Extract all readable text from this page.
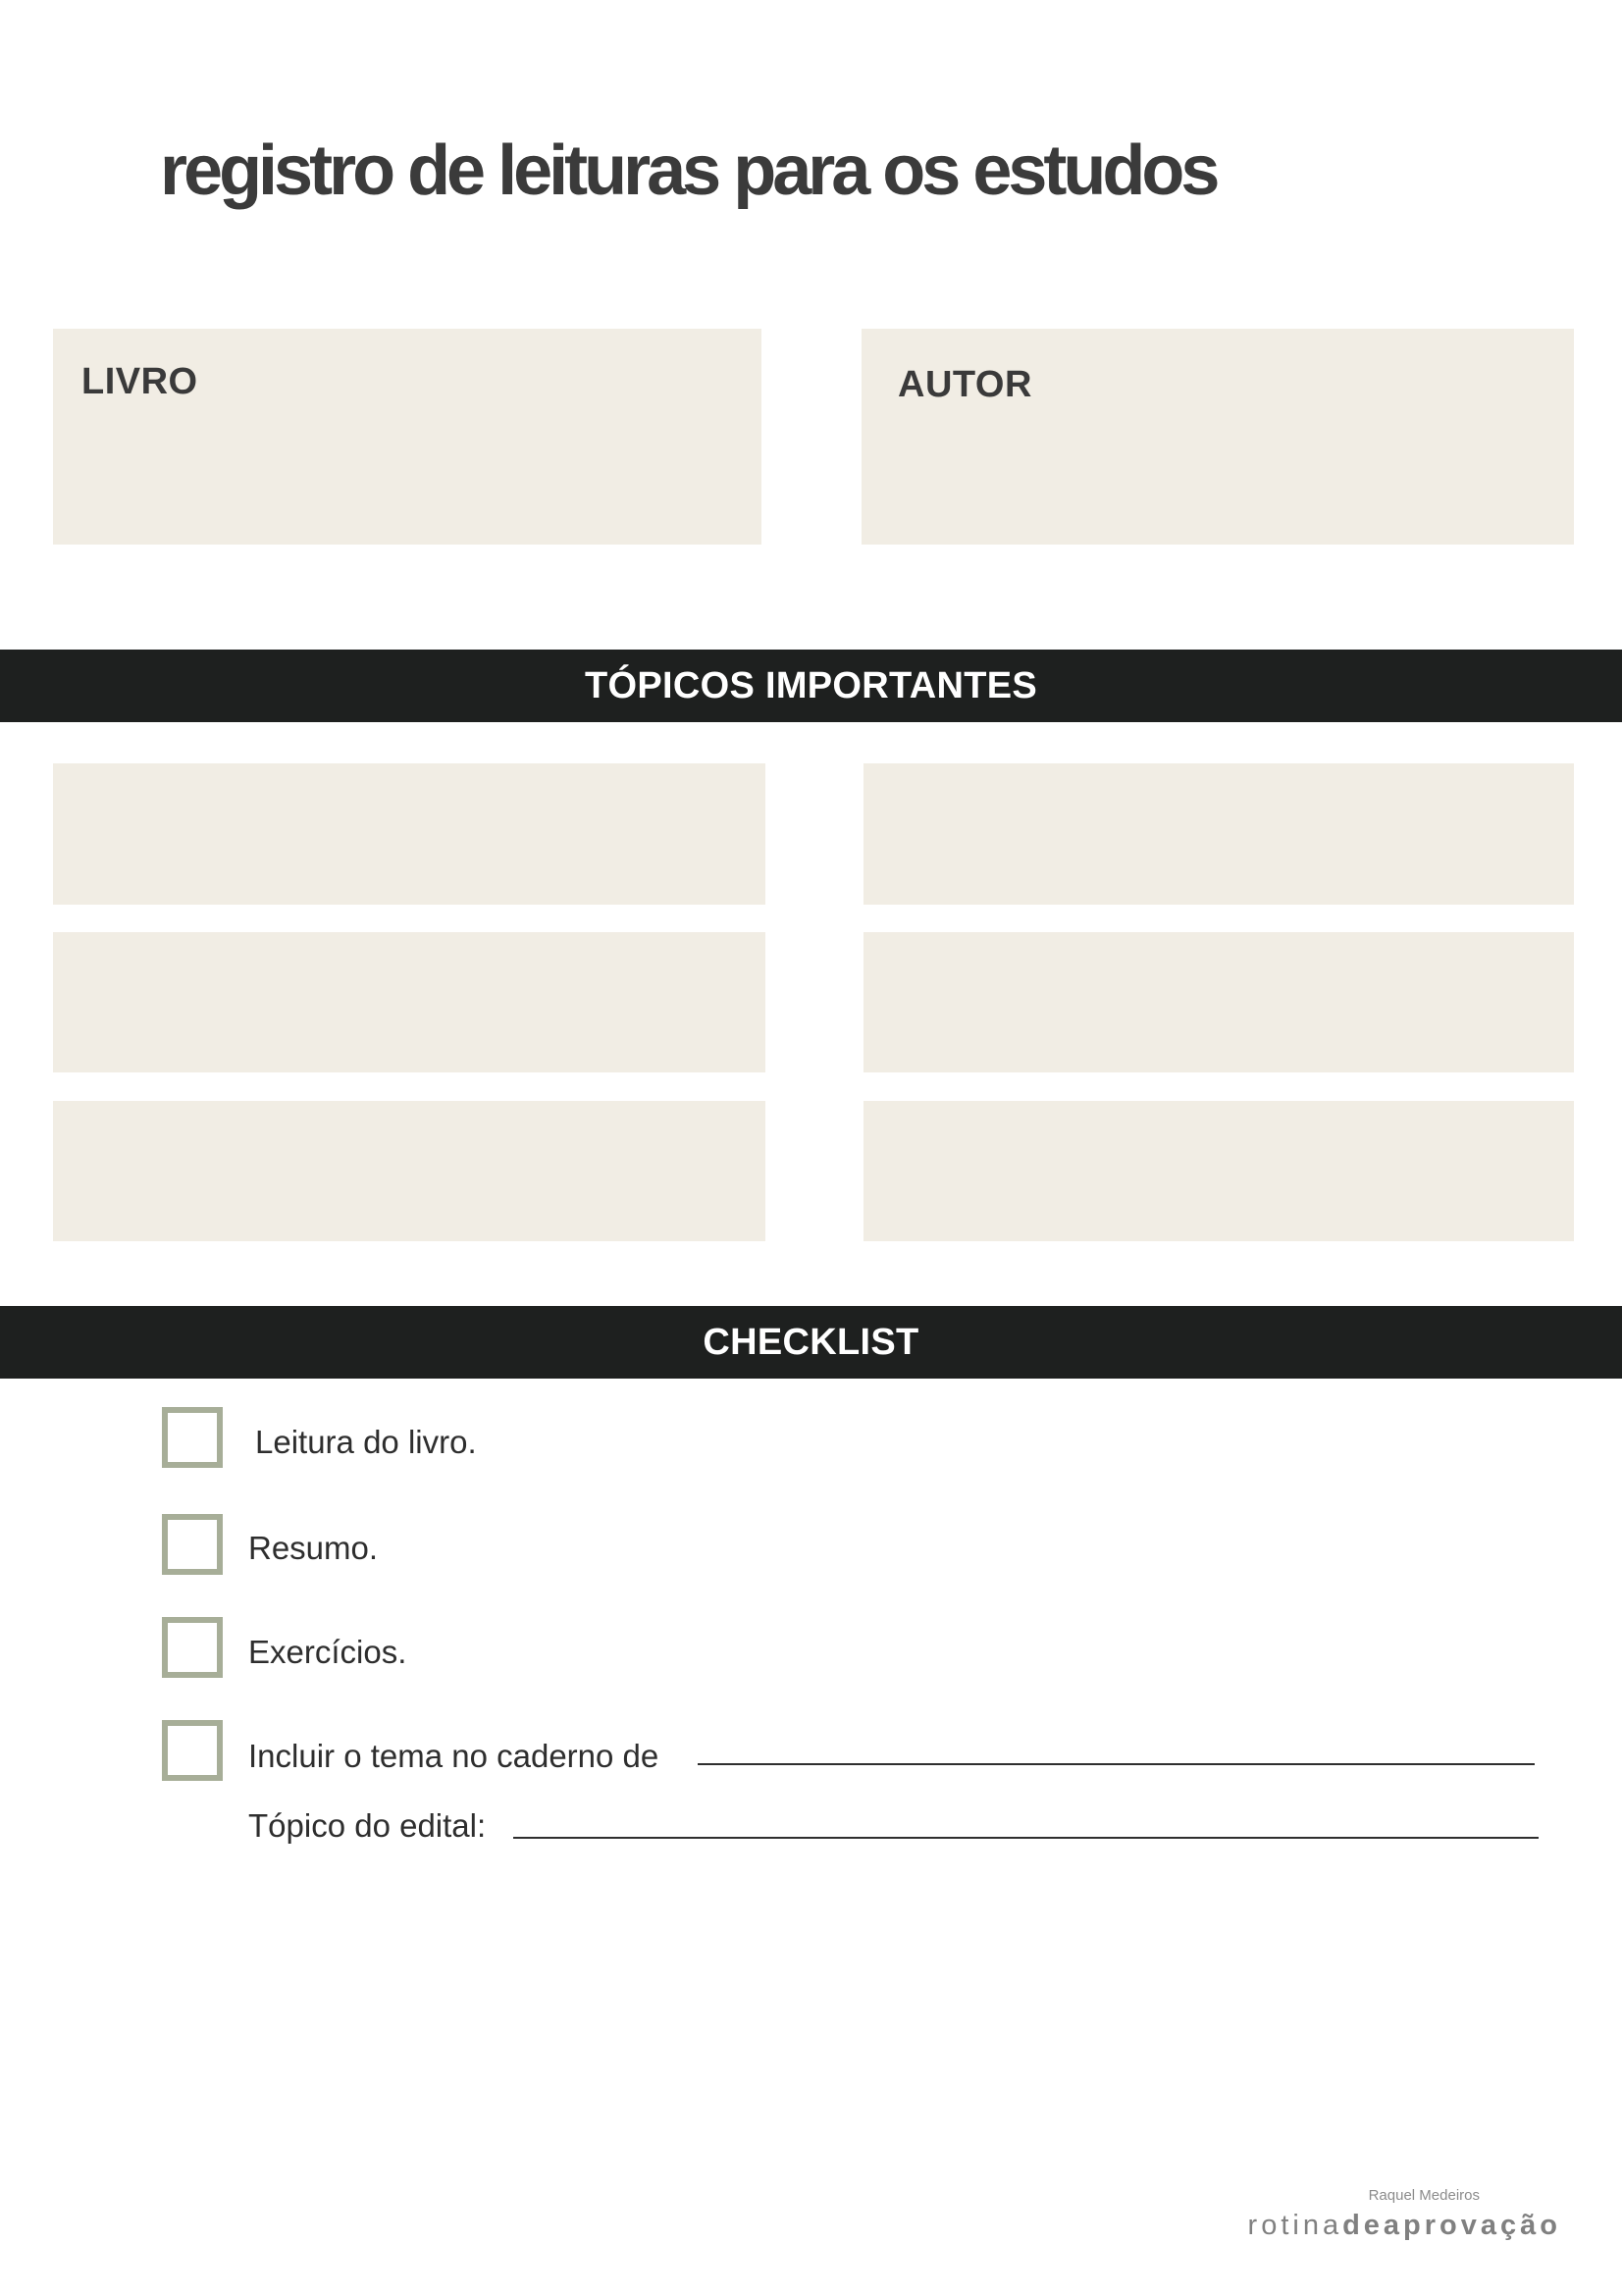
registro de leituras para os estudos
LIVRO	AUTOR
TÓPICOS IMPORTANTES
CHECKLIST
Leitura do livro.
Resumo.
Exercícios.
Incluir o tema no caderno de
Tópico do edital:
Raquel Medeiros
rotinadeaprovação
